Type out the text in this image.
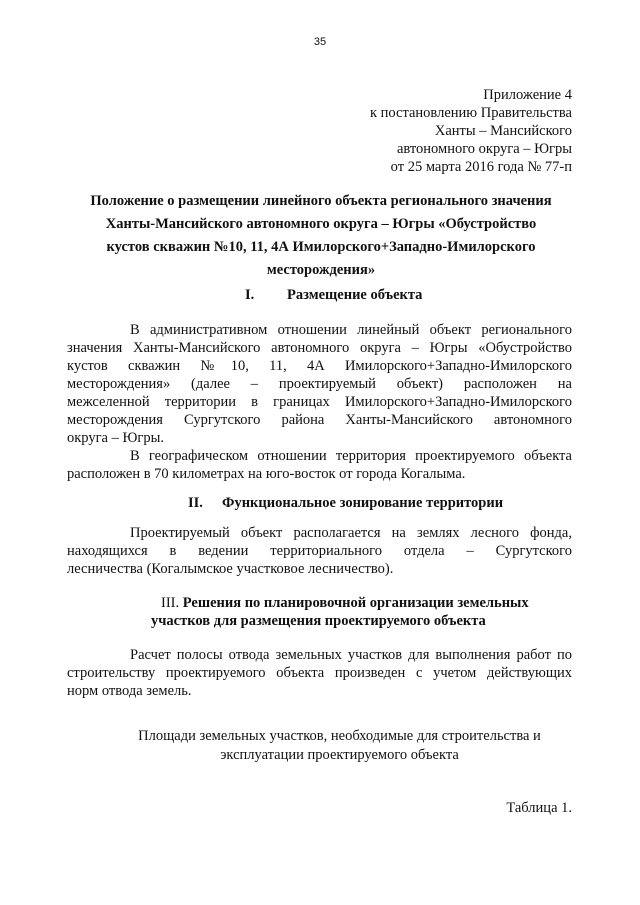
35
Приложение 4
к постановлению Правительства
Ханты – Мансийского
автономного округа – Югры
от 25 марта 2016 года № 77-п
Положение о размещении линейного объекта регионального значения
Ханты-Мансийского автономного округа – Югры «Обустройство
кустов скважин №10, 11, 4А Имилорского+Западно-Имилорского
месторождения»
I. Размещение объекта
В административном отношении линейный объект регионального
значения Ханты-Мансийского автономного округа – Югры «Обустройство
кустов скважин №10, 11, 4А Имилорского+Западно-Имилорского
месторождения» (далее – проектируемый объект) расположен на
межселенной территории в границах Имилорского+Западно-Имилорского
месторождения Сургутского района Ханты-Мансийского автономного
округа – Югры.
В географическом отношении территория проектируемого объекта
расположен в 70 километрах на юго-восток от города Когалыма.
II. Функциональное зонирование территории
Проектируемый объект располагается на землях лесного фонда,
находящихся в ведении территориального отдела – Сургутского
лесничества (Когалымское участковое лесничество).
III. Решения по планировочной организации земельных
участков для размещения проектируемого объекта
Расчет полосы отвода земельных участков для выполнения работ по
строительству проектируемого объекта произведен с учетом действующих
норм отвода земель.
Площади земельных участков, необходимые для строительства и
эксплуатации проектируемого объекта
Таблица 1.
